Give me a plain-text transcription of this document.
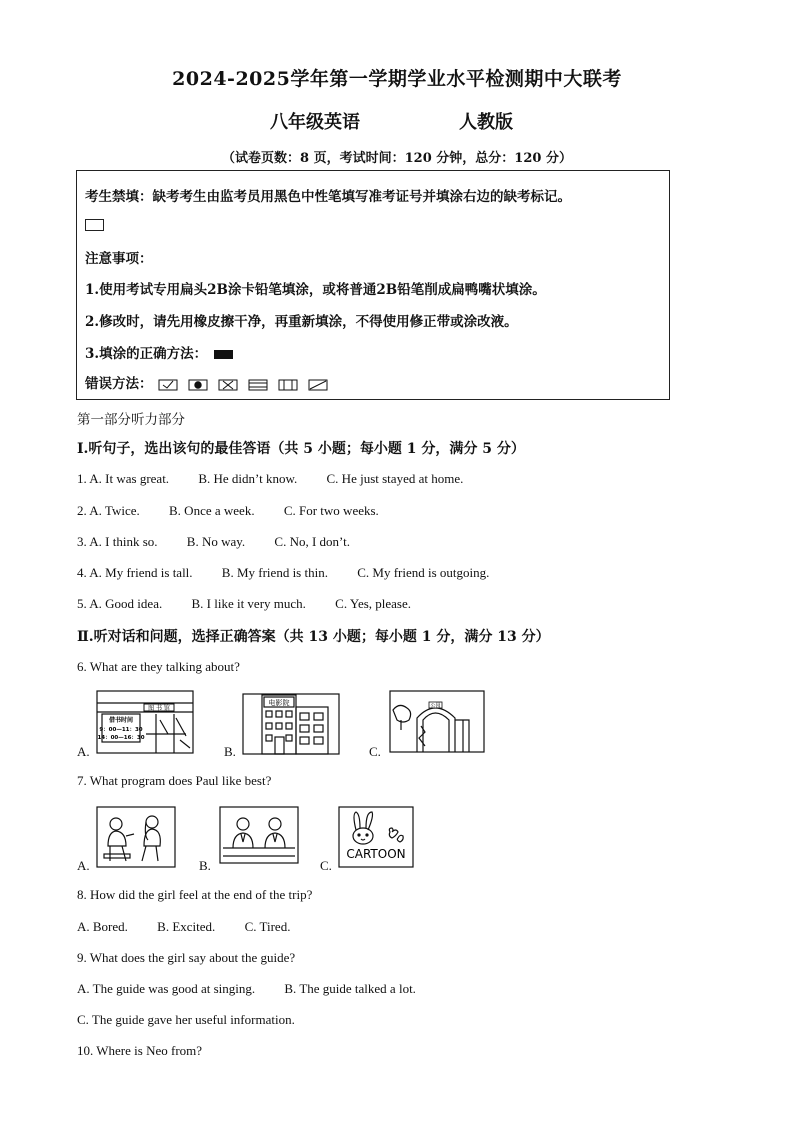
2024-2025学年第一学期学业水平检测期中大联考
八年级英语	人教版
（试卷页数：8 页，考试时间：120 分钟，总分：120 分）
考生禁填：缺考考生由监考员用黑色中性笔填写准考证号并填涂右边的缺考标记。
注意事项：
1.使用考试专用扁头2B涂卡铅笔填涂，或将普通2B铅笔削成扁鸭嘴状填涂。
2.修改时，请先用橡皮擦干净，再重新填涂，不得使用修正带或涂改液。
3.填涂的正确方法：
错误方法：
第一部分听力部分
Ⅰ.听句子，选出该句的最佳答语（共 5 小题；每小题 1 分，满分 5 分）
1. A. It was great. B. He didn’t know. C. He just stayed at home.
2. A. Twice. B. Once a week. C. For two weeks.
3. A. I think so. B. No way. C. No, I don’t.
4. A. My friend is tall. B. My friend is thin. C. My friend is outgoing.
5. A. Good idea. B. I like it very much. C. Yes, please.
Ⅱ.听对话和问题，选择正确答案（共 13 小题；每小题 1 分，满分 13 分）
6. What are they talking about?
A.
图 书 馆
借书时间
9：00—11：30
14：00—16：30
B.
电影院
C.
公园
7. What program does Paul like best?
A.	B.	C.
CARTOON
8. How did the girl feel at the end of the trip?
A. Bored. B. Excited. C. Tired.
9. What does the girl say about the guide?
A. The guide was good at singing. B. The guide talked a lot.
C. The guide gave her useful information.
10. Where is Neo from?
